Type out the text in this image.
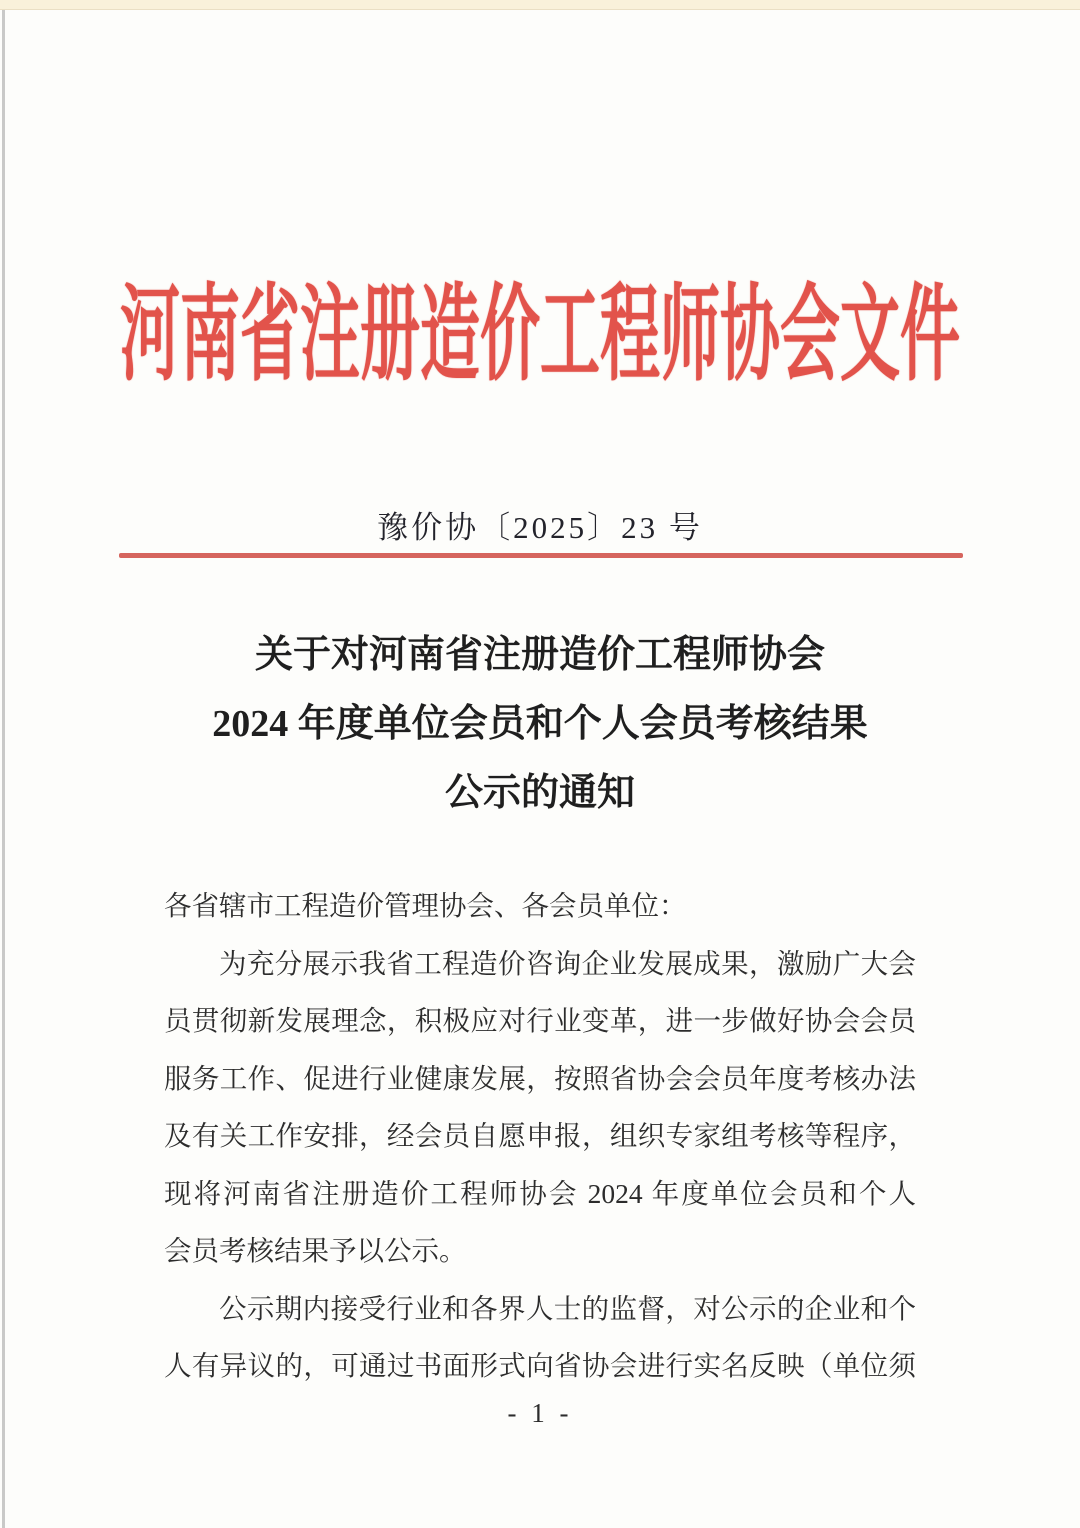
河南省注册造价工程师协会文件
豫价协〔2025〕23 号
关于对河南省注册造价工程师协会
2024 年度单位会员和个人会员考核结果
公示的通知
各省辖市工程造价管理协会、各会员单位：
为充分展示我省工程造价咨询企业发展成果，激励广大会
员贯彻新发展理念，积极应对行业变革，进一步做好协会会员
服务工作、促进行业健康发展，按照省协会会员年度考核办法
及有关工作安排，经会员自愿申报，组织专家组考核等程序，
现将河南省注册造价工程师协会 2024 年度单位会员和个人
会员考核结果予以公示。
公示期内接受行业和各界人士的监督，对公示的企业和个
人有异议的，可通过书面形式向省协会进行实名反映（单位须
- 1 -
